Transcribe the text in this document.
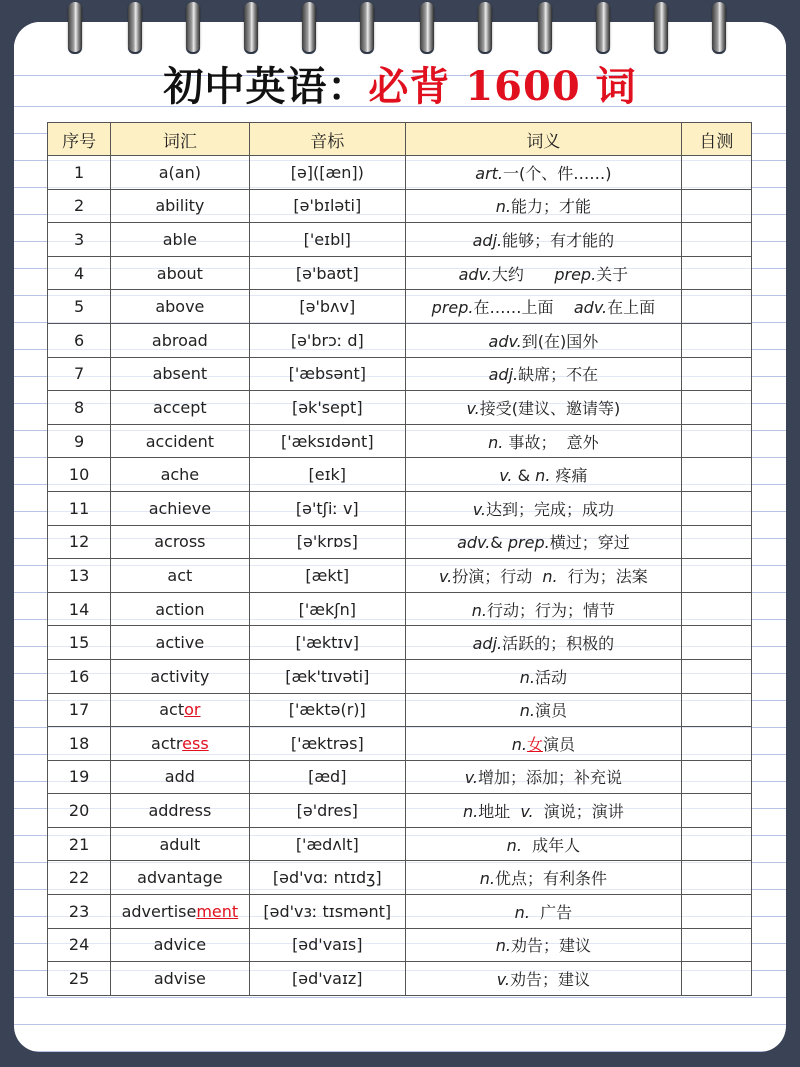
初中英语：必背 1600 词
序号	词汇	音标	词义	自测
1	a(an)	[ə]([æn])	art.一(个、件……)	
2	ability	[ə'bɪləti]	n.能力；才能	
3	able	['eɪbl]	adj.能够；有才能的	
4	about	[ə'baʊt]	adv.大约      prep.关于	
5	above	[ə'bʌv]	prep.在……上面    adv.在上面	
6	abroad	[ə'brɔː d]	adv.到(在)国外	
7	absent	['æbsənt]	adj.缺席；不在	
8	accept	[ək'sept]	v.接受(建议、邀请等)	
9	accident	['æksɪdənt]	n. 事故；  意外	
10	ache	[eɪk]	v. & n. 疼痛	
11	achieve	[ə'tʃiː v]	v.达到；完成；成功	
12	across	[ə'krɒs]	adv.& prep.横过；穿过	
13	act	[ækt]	v.扮演；行动  n.  行为；法案	
14	action	['ækʃn]	n.行动；行为；情节	
15	active	['æktɪv]	adj.活跃的；积极的	
16	activity	[æk'tɪvəti]	n.活动	
17	actor	['æktə(r)]	n.演员	
18	actress	['æktrəs]	n.女演员	
19	add	[æd]	v.增加；添加；补充说	
20	address	[ə'dres]	n.地址  v.  演说；演讲	
21	adult	['ædʌlt]	n.  成年人	
22	advantage	[əd'vɑː ntɪdʒ]	n.优点；有利条件	
23	advertisement	[əd'vɜː tɪsmənt]	n.  广告	
24	advice	[əd'vaɪs]	n.劝告；建议	
25	advise	[əd'vaɪz]	v.劝告；建议	
